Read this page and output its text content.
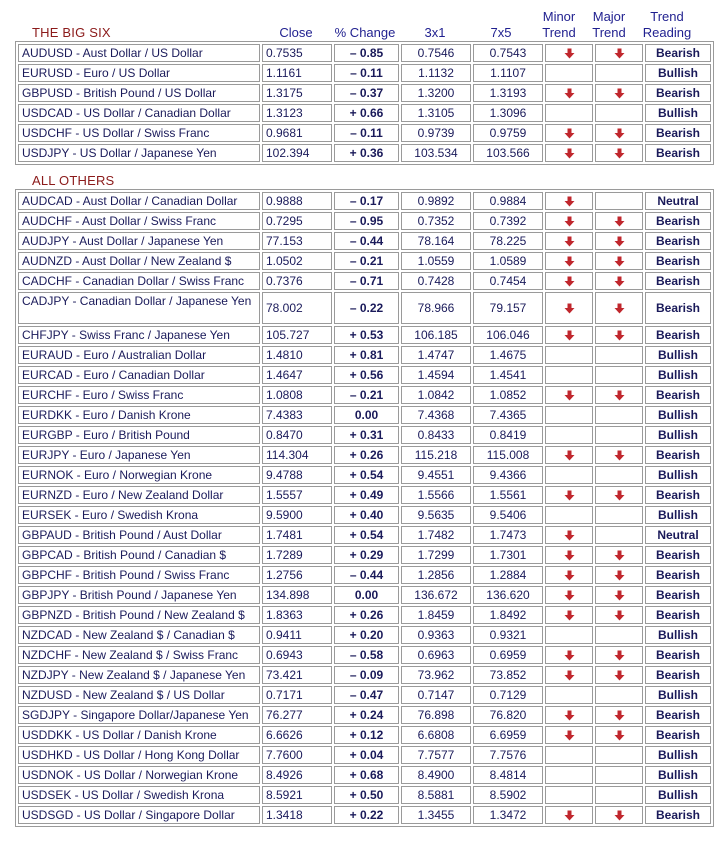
THE BIG SIX	Close	% Change	3x1	7x5
Minor Trend
Major Trend
Trend Reading
AUDUSD - Aust Dollar / US Dollar	0.7535	– 0.85	0.7546	0.7543			Bearish
EURUSD - Euro / US Dollar	1.1161	– 0.11	1.1132	1.1107			Bullish
GBPUSD - British Pound / US Dollar	1.3175	– 0.37	1.3200	1.3193			Bearish
USDCAD - US Dollar / Canadian Dollar	1.3123	+ 0.66	1.3105	1.3096			Bullish
USDCHF - US Dollar / Swiss Franc	0.9681	– 0.11	0.9739	0.9759			Bearish
USDJPY - US Dollar / Japanese Yen	102.394	+ 0.36	103.534	103.566			Bearish
ALL OTHERS
AUDCAD - Aust Dollar / Canadian Dollar	0.9888	– 0.17	0.9892	0.9884			Neutral
AUDCHF - Aust Dollar / Swiss Franc	0.7295	– 0.95	0.7352	0.7392			Bearish
AUDJPY - Aust Dollar / Japanese Yen	77.153	– 0.44	78.164	78.225			Bearish
AUDNZD - Aust Dollar / New Zealand $	1.0502	– 0.21	1.0559	1.0589			Bearish
CADCHF - Canadian Dollar / Swiss Franc	0.7376	– 0.71	0.7428	0.7454			Bearish
CADJPY - Canadian Dollar / Japanese Yen	78.002	– 0.22	78.966	79.157			Bearish
CHFJPY - Swiss Franc / Japanese Yen	105.727	+ 0.53	106.185	106.046			Bearish
EURAUD - Euro / Australian Dollar	1.4810	+ 0.81	1.4747	1.4675			Bullish
EURCAD - Euro / Canadian Dollar	1.4647	+ 0.56	1.4594	1.4541			Bullish
EURCHF - Euro / Swiss Franc	1.0808	– 0.21	1.0842	1.0852			Bearish
EURDKK - Euro / Danish Krone	7.4383	0.00	7.4368	7.4365			Bullish
EURGBP - Euro / British Pound	0.8470	+ 0.31	0.8433	0.8419			Bullish
EURJPY - Euro / Japanese Yen	114.304	+ 0.26	115.218	115.008			Bearish
EURNOK - Euro / Norwegian Krone	9.4788	+ 0.54	9.4551	9.4366			Bullish
EURNZD - Euro / New Zealand Dollar	1.5557	+ 0.49	1.5566	1.5561			Bearish
EURSEK - Euro / Swedish Krona	9.5900	+ 0.40	9.5635	9.5406			Bullish
GBPAUD - British Pound / Aust Dollar	1.7481	+ 0.54	1.7482	1.7473			Neutral
GBPCAD - British Pound / Canadian $	1.7289	+ 0.29	1.7299	1.7301			Bearish
GBPCHF - British Pound / Swiss Franc	1.2756	– 0.44	1.2856	1.2884			Bearish
GBPJPY - British Pound / Japanese Yen	134.898	0.00	136.672	136.620			Bearish
GBPNZD - British Pound / New Zealand $	1.8363	+ 0.26	1.8459	1.8492			Bearish
NZDCAD - New Zealand $ / Canadian $	0.9411	+ 0.20	0.9363	0.9321			Bullish
NZDCHF - New Zealand $ / Swiss Franc	0.6943	– 0.58	0.6963	0.6959			Bearish
NZDJPY - New Zealand $ / Japanese Yen	73.421	– 0.09	73.962	73.852			Bearish
NZDUSD - New Zealand $ / US Dollar	0.7171	– 0.47	0.7147	0.7129			Bullish
SGDJPY - Singapore Dollar/Japanese Yen	76.277	+ 0.24	76.898	76.820			Bearish
USDDKK - US Dollar / Danish Krone	6.6626	+ 0.12	6.6808	6.6959			Bearish
USDHKD - US Dollar / Hong Kong Dollar	7.7600	+ 0.04	7.7577	7.7576			Bullish
USDNOK - US Dollar / Norwegian Krone	8.4926	+ 0.68	8.4900	8.4814			Bullish
USDSEK - US Dollar / Swedish Krona	8.5921	+ 0.50	8.5881	8.5902			Bullish
USDSGD - US Dollar / Singapore Dollar	1.3418	+ 0.22	1.3455	1.3472			Bearish
